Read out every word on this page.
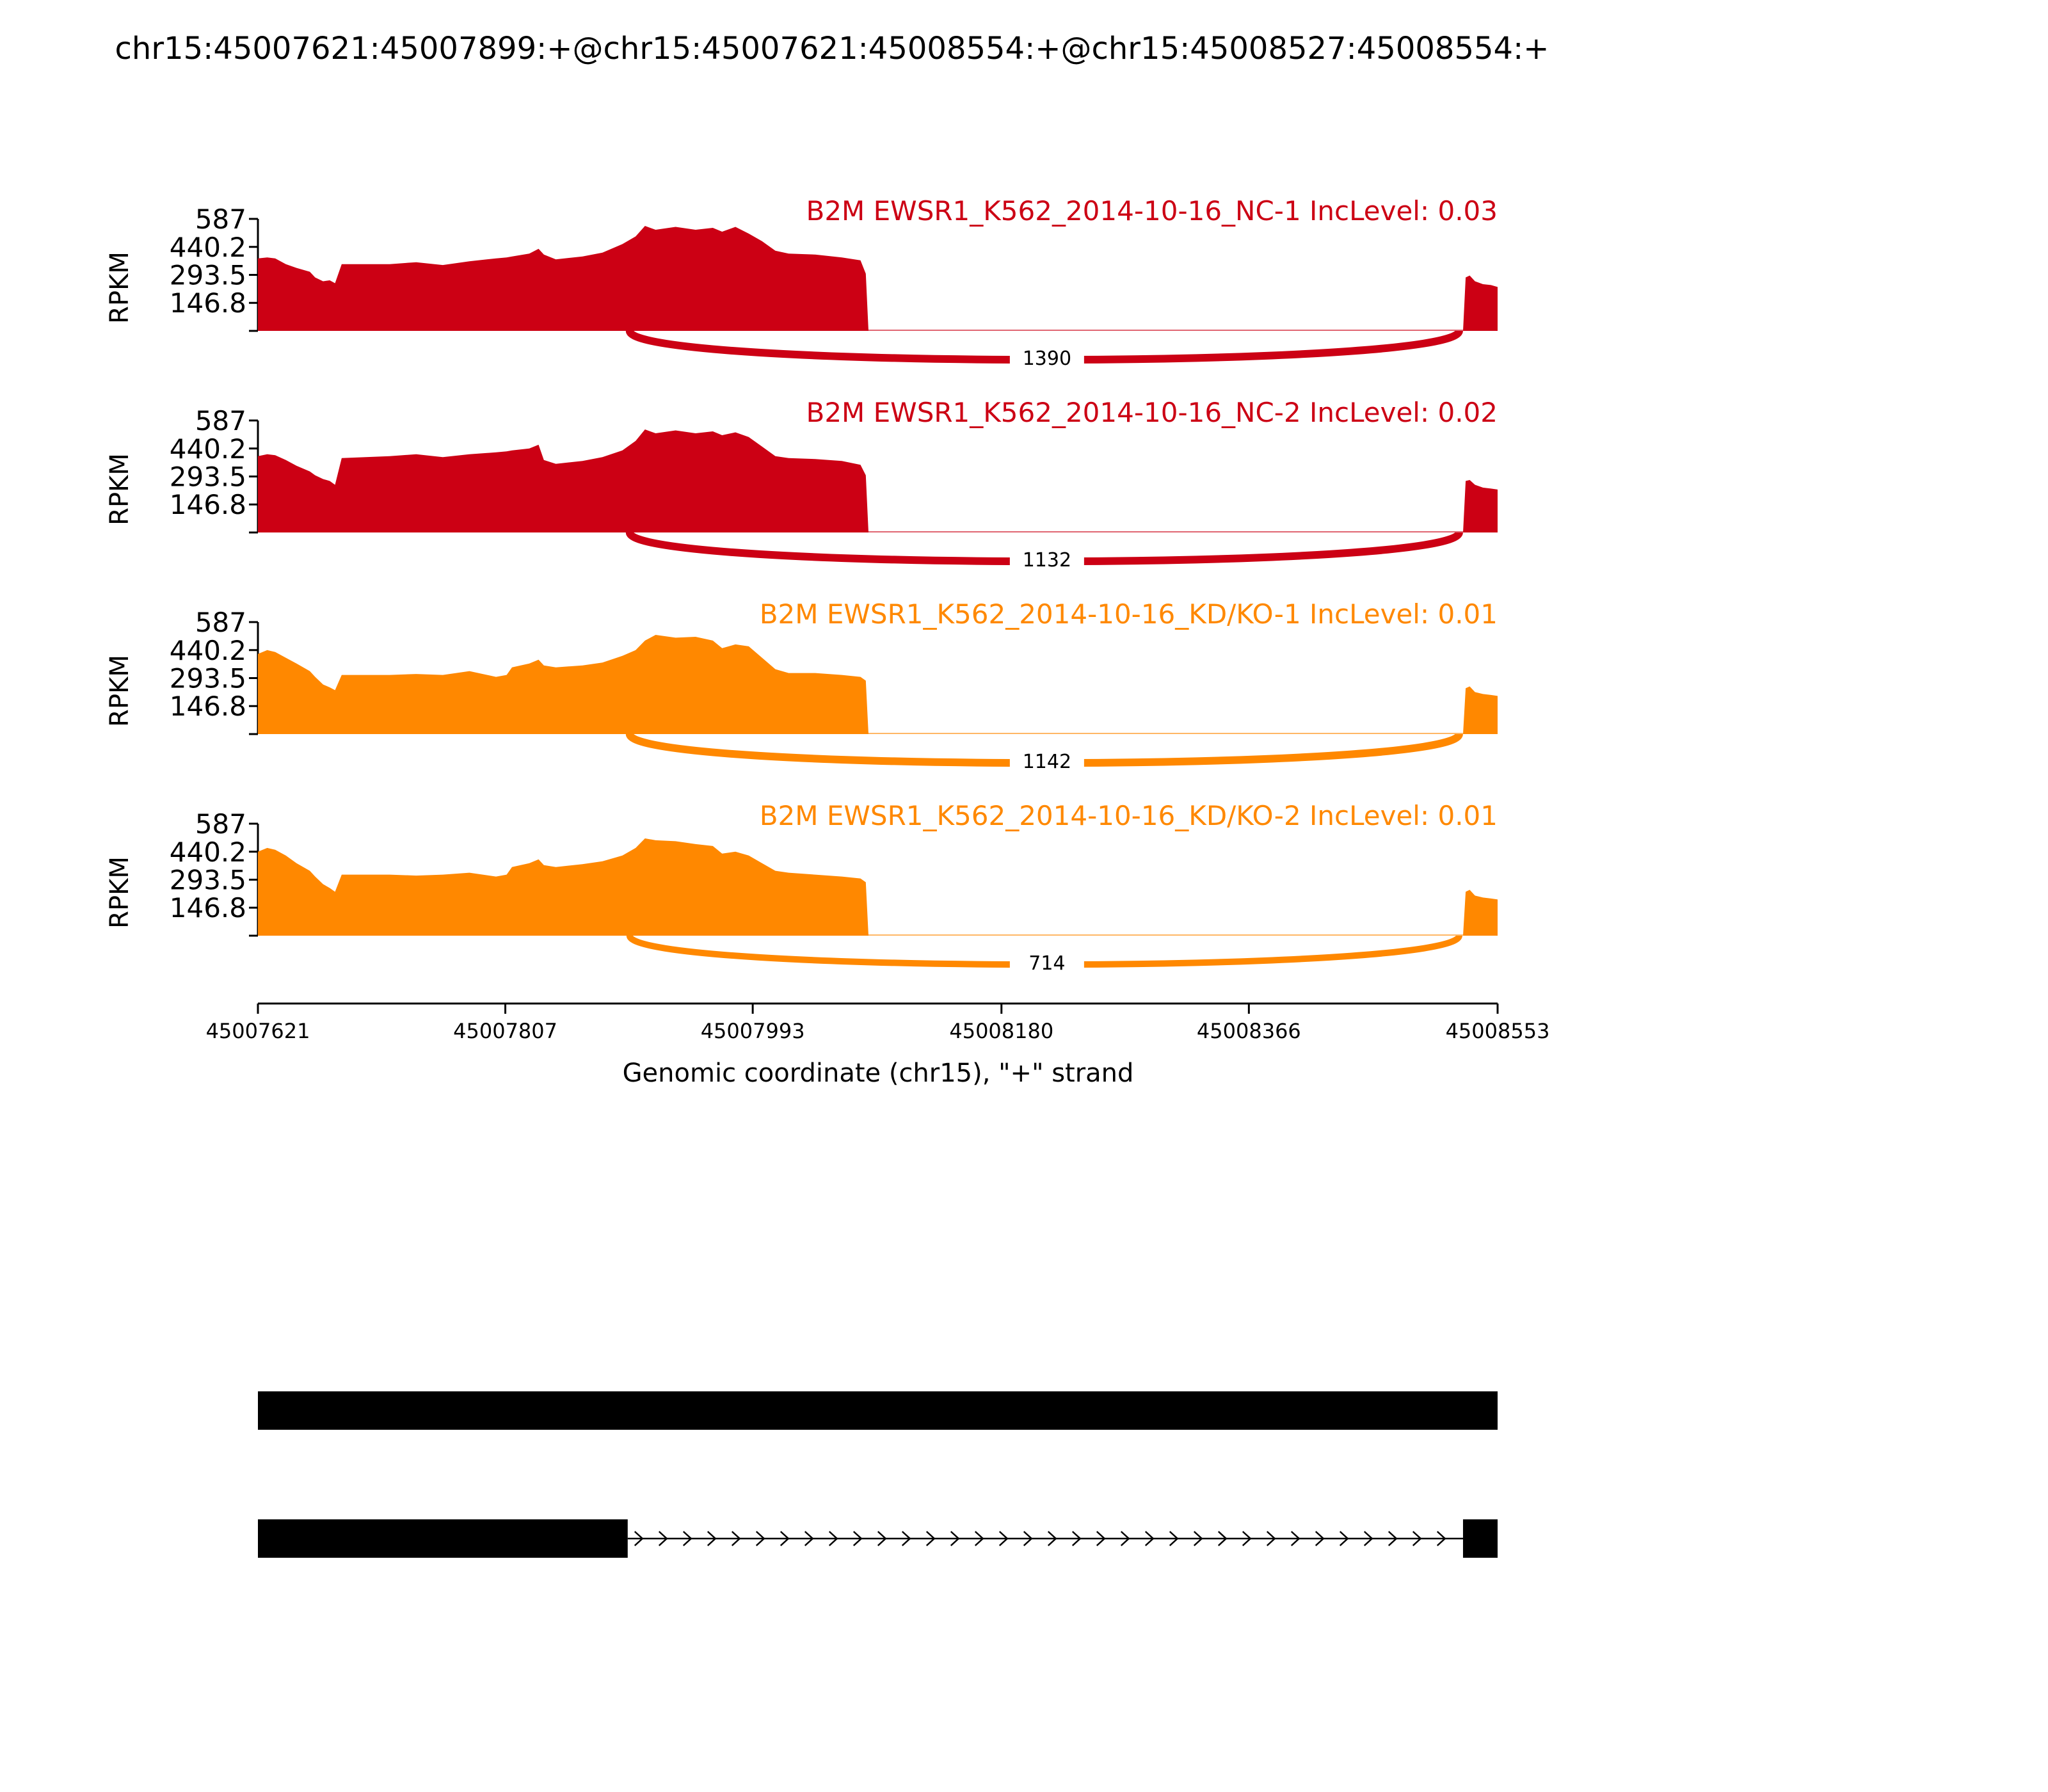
chr15:45007621:45007899:+@chr15:45007621:45008554:+@chr15:45008527:45008554:+
146.8
293.5
440.2
587
RPKM
1390
B2M EWSR1_K562_2014-10-16_NC-1 IncLevel: 0.03
146.8
293.5
440.2
587
RPKM
1132
B2M EWSR1_K562_2014-10-16_NC-2 IncLevel: 0.02
146.8
293.5
440.2
587
RPKM
1142
B2M EWSR1_K562_2014-10-16_KD/KO-1 IncLevel: 0.01
146.8
293.5
440.2
587
RPKM
714
B2M EWSR1_K562_2014-10-16_KD/KO-2 IncLevel: 0.01
45007621	45007807	45007993	45008180	45008366	45008553
Genomic coordinate (chr15), "+" strand
